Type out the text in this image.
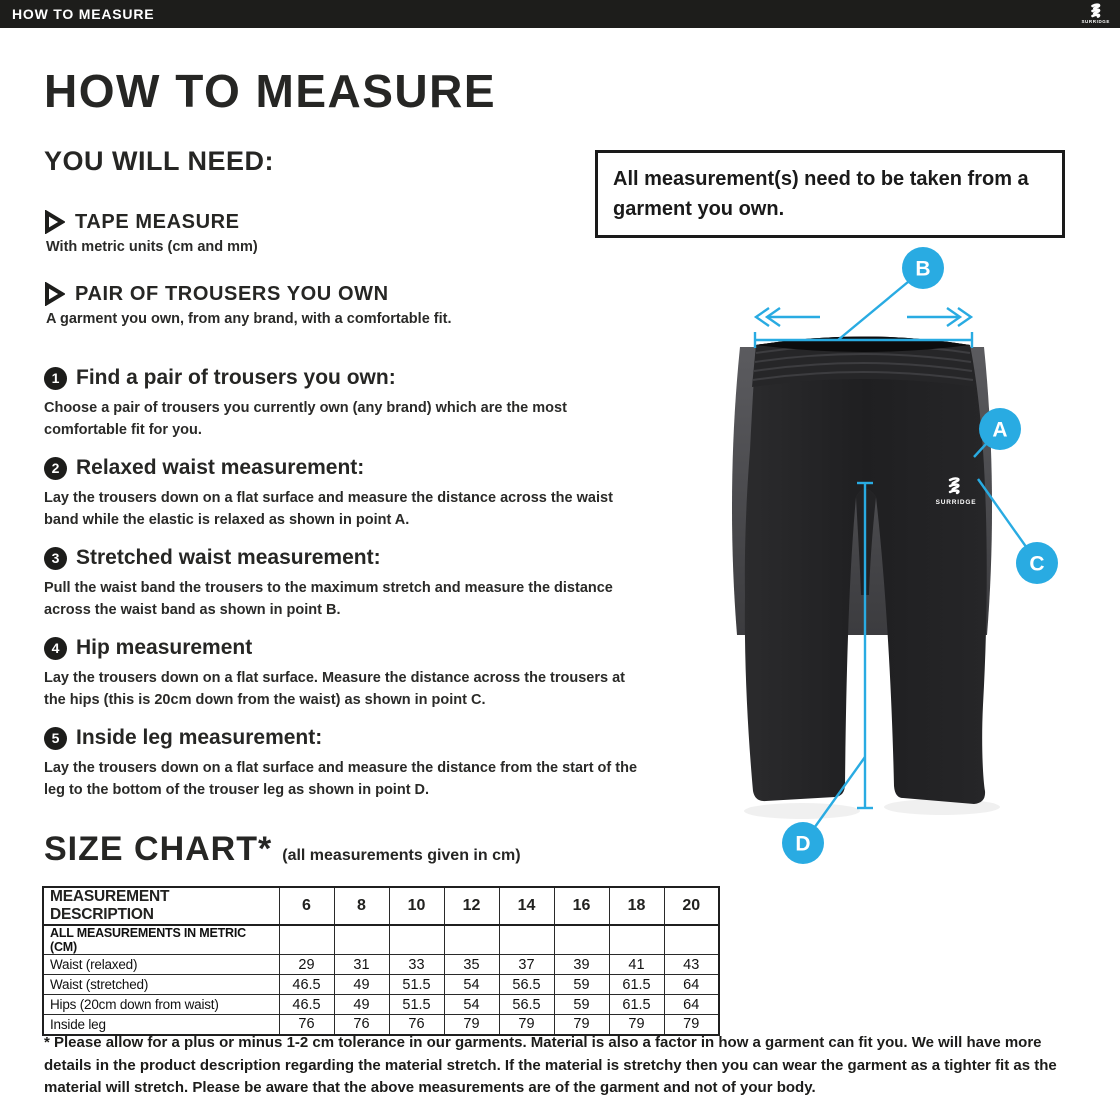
HOW TO MEASURE	SURRIDGE
HOW TO MEASURE
YOU WILL NEED:
TAPE MEASURE
With metric units (cm and mm)
PAIR OF TROUSERS YOU OWN
A garment you own, from any brand, with a comfortable fit.
All measurement(s) need to be taken from a garment you own.
1 Find a pair of trousers you own:
Choose a pair of trousers you currently own (any brand) which are the most comfortable fit for you.
2 Relaxed waist measurement:
Lay the trousers down on a flat surface and measure the distance across the waist band while the elastic is relaxed as shown in point A.
3 Stretched waist measurement:
Pull the waist band the trousers to the maximum stretch and measure the distance across the waist band as shown in point B.
4 Hip measurement
Lay the trousers down on a flat surface. Measure the distance across the trousers at the hips (this is 20cm down from the waist) as shown in point C.
5 Inside leg measurement:
Lay the trousers down on a flat surface and measure the distance from the start of the leg to the bottom of the trouser leg as shown in point D.
SURRIDGE
B
A
C
D
SIZE CHART* (all measurements given in cm)
MEASUREMENT DESCRIPTION	6	8	10	12	14	16	18	20
ALL MEASUREMENTS IN METRIC (CM)								
Waist (relaxed)	29	31	33	35	37	39	41	43
Waist (stretched)	46.5	49	51.5	54	56.5	59	61.5	64
Hips (20cm down from waist)	46.5	49	51.5	54	56.5	59	61.5	64
Inside leg	76	76	76	79	79	79	79	79
* Please allow for a plus or minus 1-2 cm tolerance in our garments. Material is also a factor in how a garment can fit you. We will have more details in the product description regarding the material stretch. If the material is stretchy then you can wear the garment as a tighter fit as the material will stretch. Please be aware that the above measurements are of the garment and not of your body.
